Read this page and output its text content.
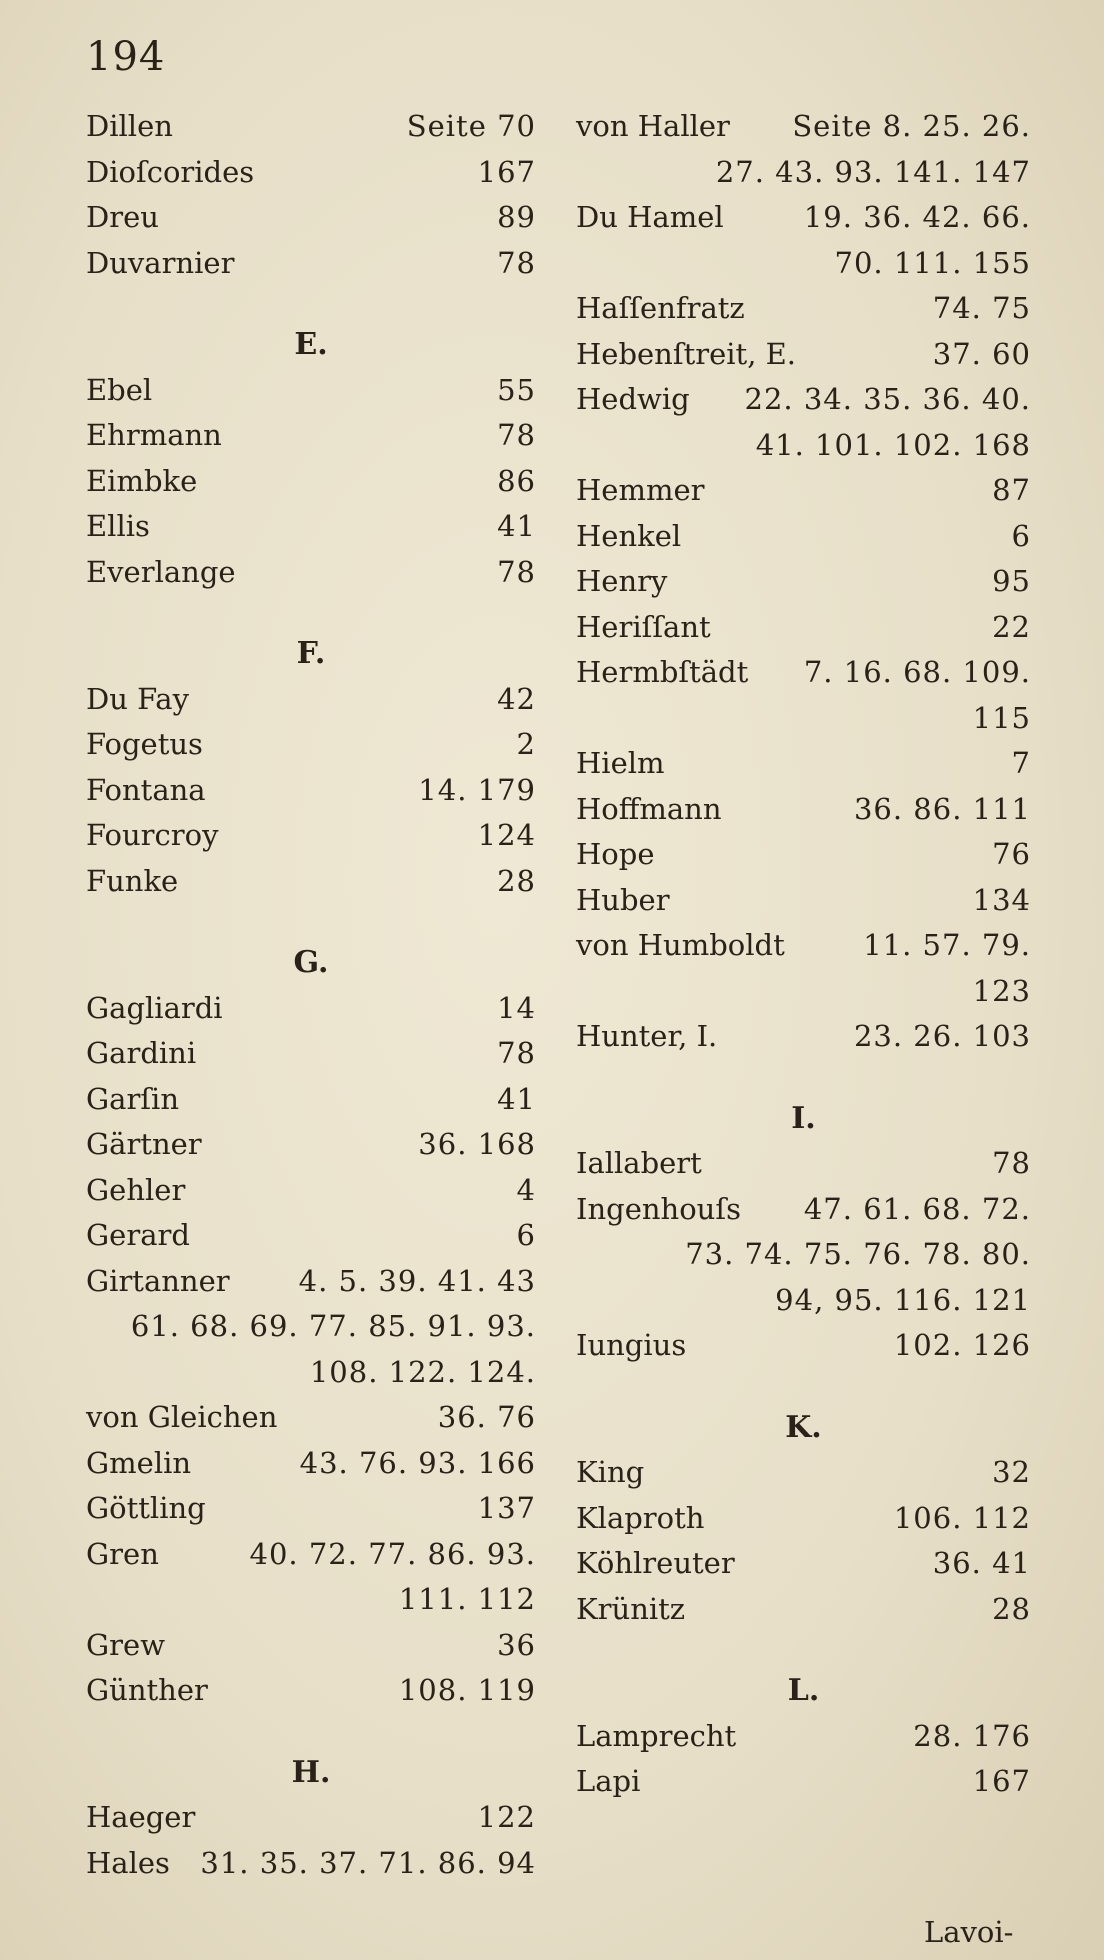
194
Dillen	Seite 70
Dioſcorides	167
Dreu	89
Duvarnier	78
E.
Ebel	55
Ehrmann	78
Eimbke	86
Ellis	41
Everlange	78
F.
Du Fay	42
Fogetus	2
Fontana	14. 179
Fourcroy	124
Funke	28
G.
Gagliardi	14
Gardini	78
Garſin	41
Gärtner	36. 168
Gehler	4
Gerard	6
Girtanner 4. 5. 39. 41. 43
61. 68. 69. 77. 85. 91. 93.
108. 122. 124.
von Gleichen	36. 76
Gmelin	43. 76. 93. 166
Göttling	137
Gren	40. 72. 77. 86. 93.
111. 112
Grew	36
Günther	108. 119
H.
Haeger	122
Hales 31. 35. 37. 71. 86. 94
von Haller Seite 8. 25. 26.
27. 43. 93. 141. 147
Du Hamel	19. 36. 42. 66.
70. 111. 155
Haſſenfratz	74. 75
Hebenſtreit, E.	37. 60
Hedwig 22. 34. 35. 36. 40.
41. 101. 102. 168
Hemmer	87
Henkel	6
Henry	95
Heriſſant	22
Hermbſtädt 7. 16. 68. 109.
115
Hielm	7
Hoffmann	36. 86. 111
Hope	76
Huber	134
von Humboldt	11. 57. 79.
123
Hunter, I.	23. 26. 103
I.
Iallabert	78
Ingenhouſs 47. 61. 68. 72.
73. 74. 75. 76. 78. 80.
94, 95. 116. 121
Iungius	102. 126
K.
King	32
Klaproth	106. 112
Köhlreuter	36. 41
Krünitz	28
L.
Lamprecht	28. 176
Lapi	167
Lavoi-
